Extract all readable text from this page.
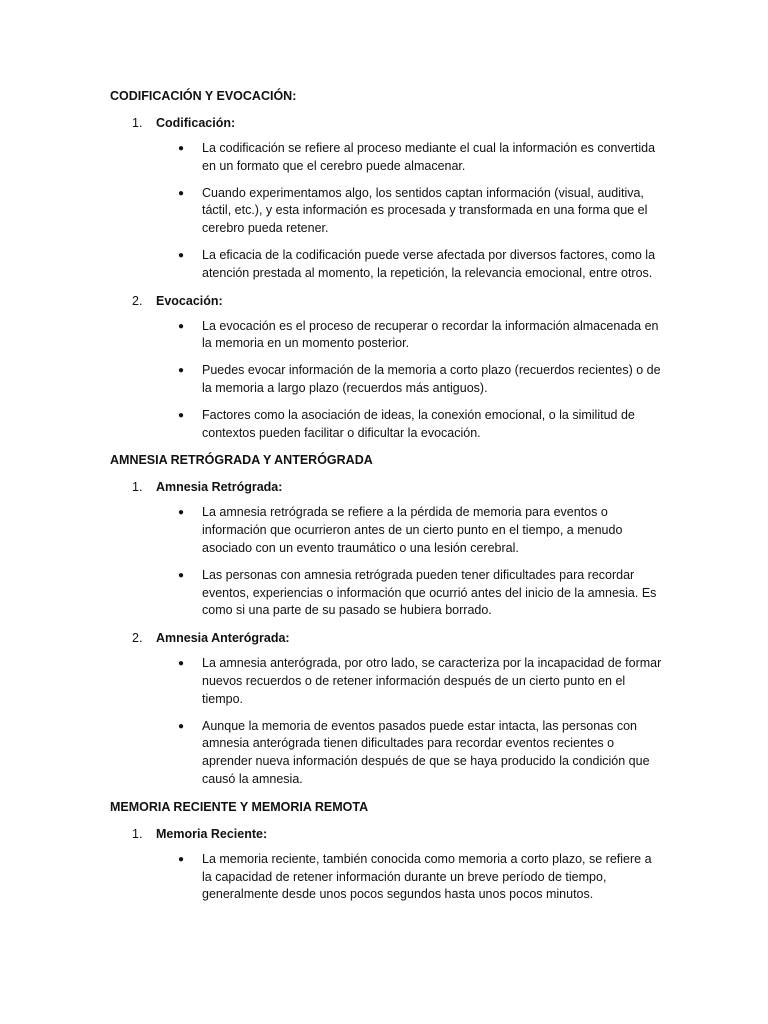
CODIFICACIÓN Y EVOCACIÓN:
1.	Codificación:
●	La codificación se refiere al proceso mediante el cual la información es convertida en un formato que el cerebro puede almacenar.
●	Cuando experimentamos algo, los sentidos captan información (visual, auditiva, táctil, etc.), y esta información es procesada y transformada en una forma que el cerebro pueda retener.
●	La eficacia de la codificación puede verse afectada por diversos factores, como la atención prestada al momento, la repetición, la relevancia emocional, entre otros.
2.	Evocación:
●	La evocación es el proceso de recuperar o recordar la información almacenada en la memoria en un momento posterior.
●	Puedes evocar información de la memoria a corto plazo (recuerdos recientes) o de la memoria a largo plazo (recuerdos más antiguos).
●	Factores como la asociación de ideas, la conexión emocional, o la similitud de contextos pueden facilitar o dificultar la evocación.
AMNESIA RETRÓGRADA Y ANTERÓGRADA
1.	Amnesia Retrógrada:
●	La amnesia retrógrada se refiere a la pérdida de memoria para eventos o información que ocurrieron antes de un cierto punto en el tiempo, a menudo asociado con un evento traumático o una lesión cerebral.
●	Las personas con amnesia retrógrada pueden tener dificultades para recordar eventos, experiencias o información que ocurrió antes del inicio de la amnesia. Es como si una parte de su pasado se hubiera borrado.
2.	Amnesia Anterógrada:
●	La amnesia anterógrada, por otro lado, se caracteriza por la incapacidad de formar nuevos recuerdos o de retener información después de un cierto punto en el tiempo.
●	Aunque la memoria de eventos pasados puede estar intacta, las personas con amnesia anterógrada tienen dificultades para recordar eventos recientes o aprender nueva información después de que se haya producido la condición que causó la amnesia.
MEMORIA RECIENTE Y MEMORIA REMOTA
1.	Memoria Reciente:
●	La memoria reciente, también conocida como memoria a corto plazo, se refiere a la capacidad de retener información durante un breve período de tiempo, generalmente desde unos pocos segundos hasta unos pocos minutos.
